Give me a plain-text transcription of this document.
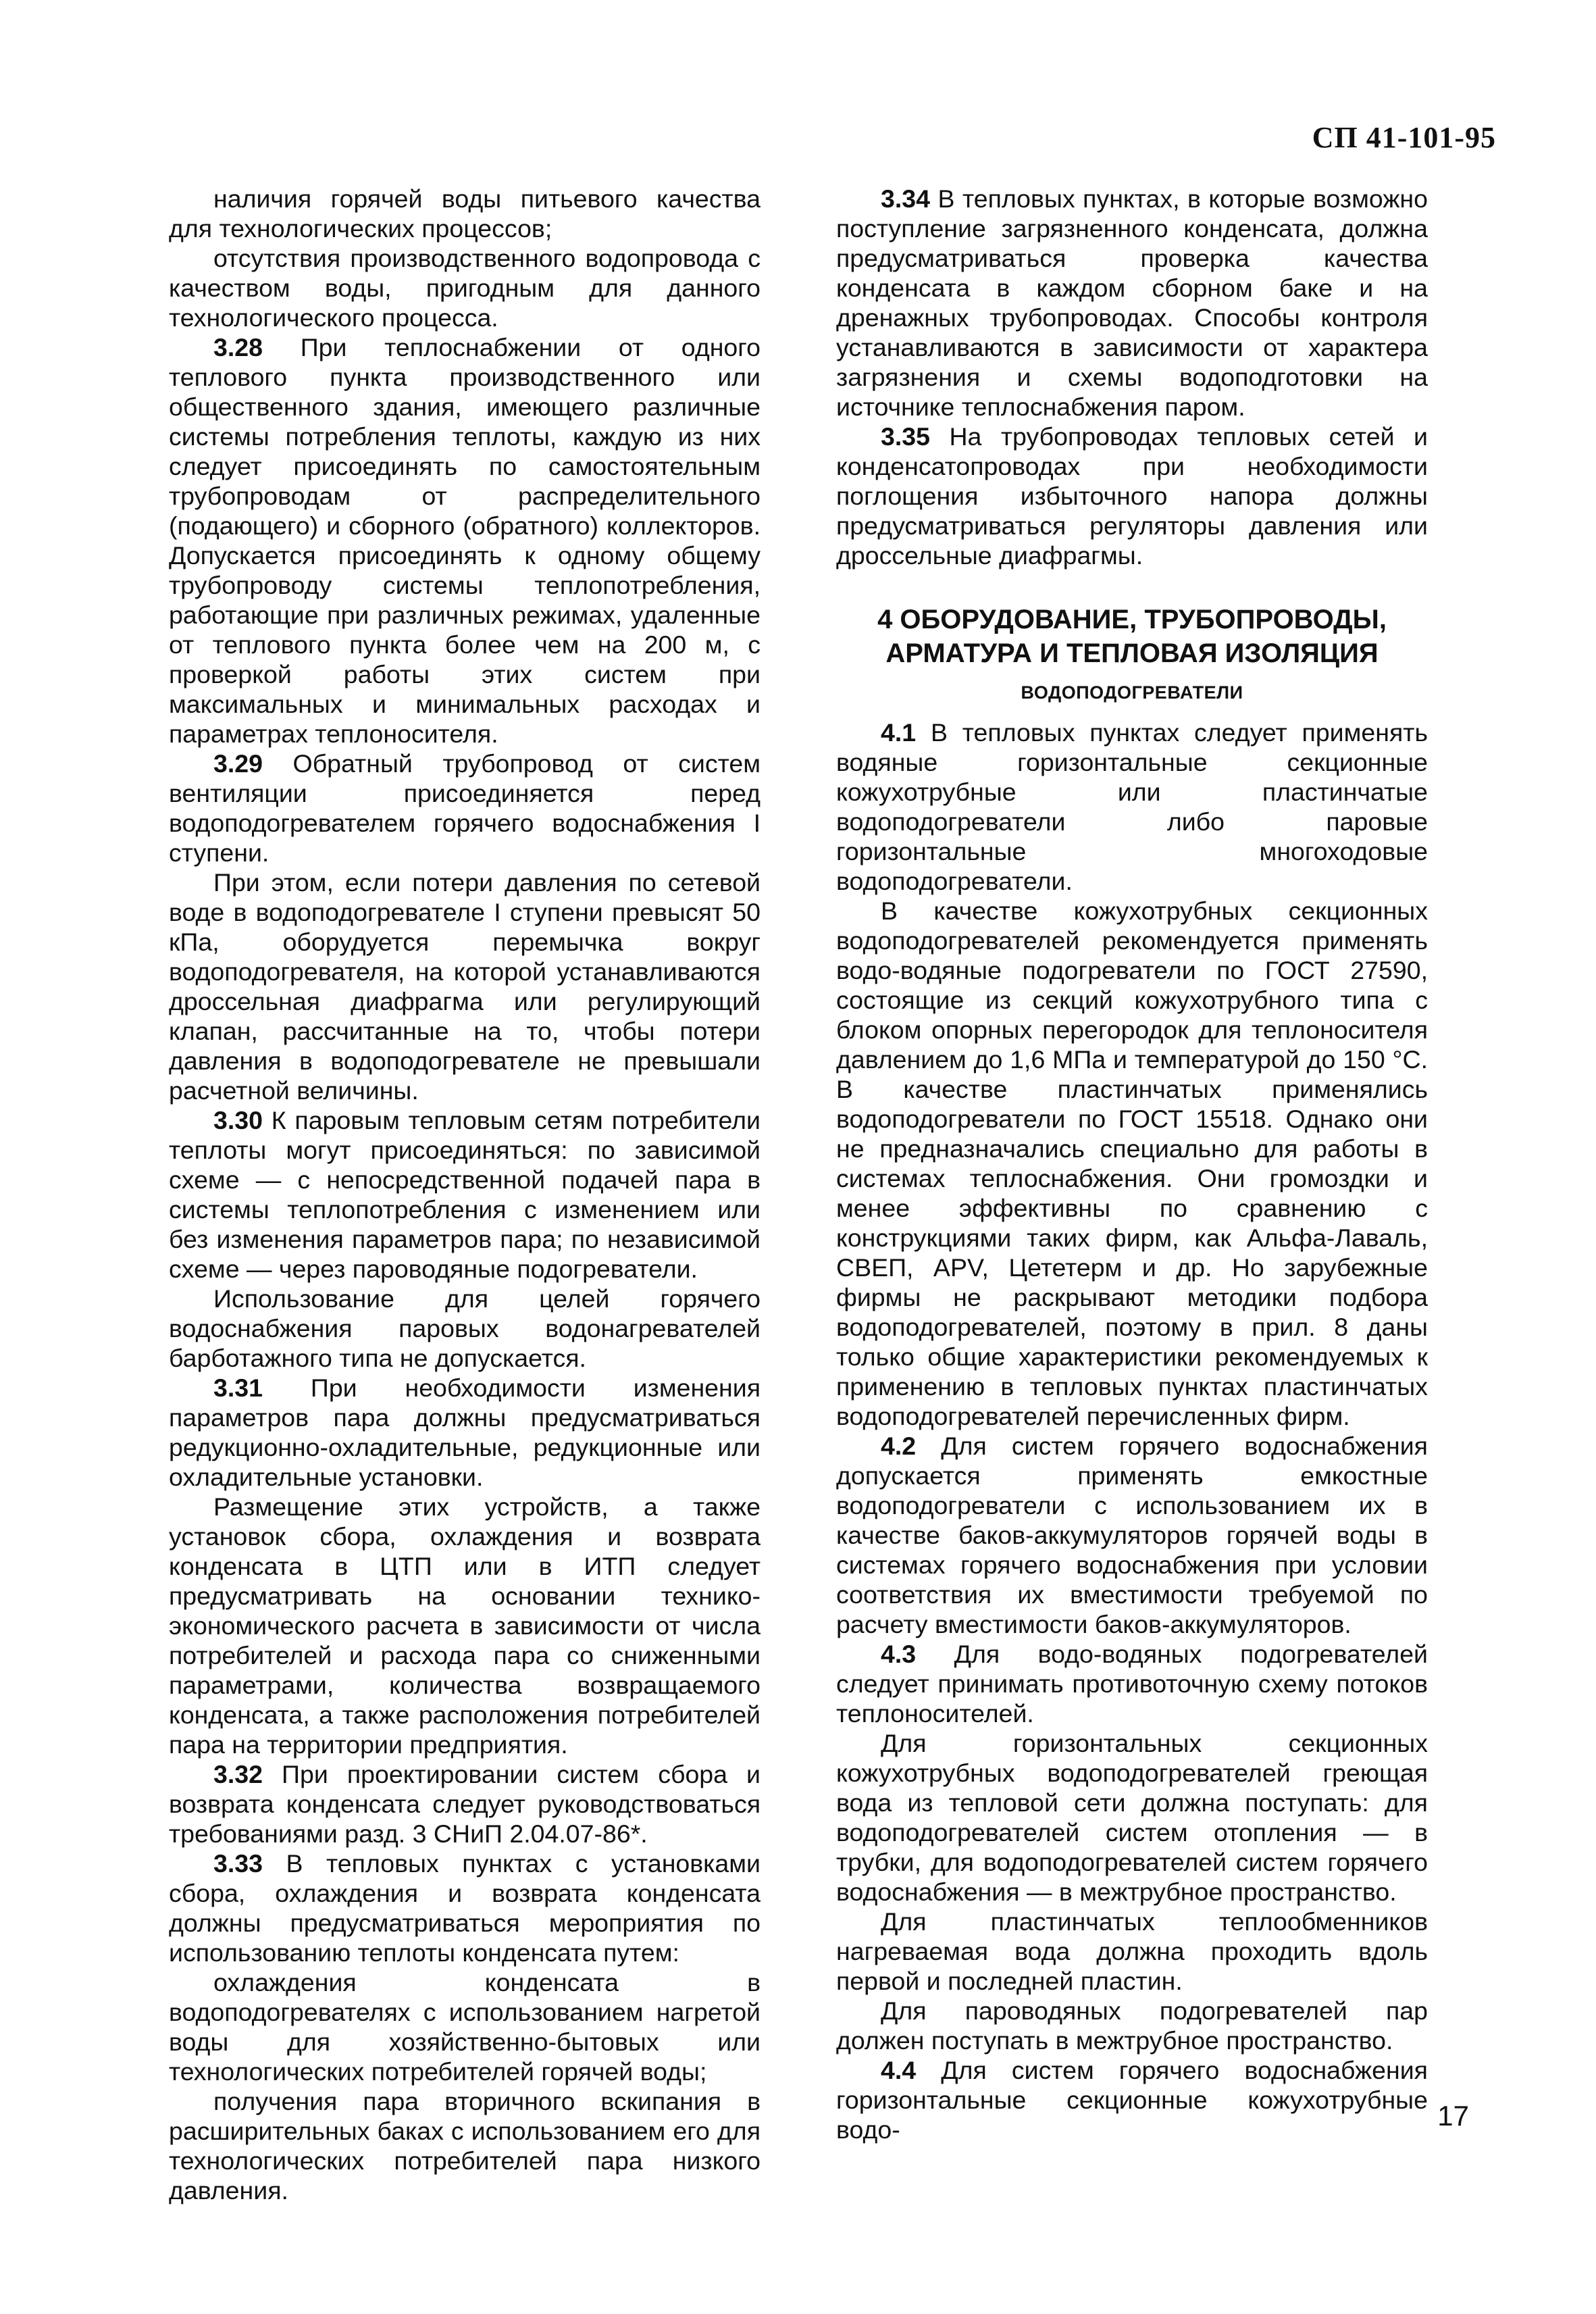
СП 41-101-95

наличия горячей воды питьевого качества для технологических процессов;

отсутствия производственного водопровода с качеством воды, пригодным для данного технологического процесса.

3.28 При теплоснабжении от одного теплового пункта производственного или общественного здания, имеющего различные системы потребления теплоты, каждую из них следует присоединять по самостоятельным трубопроводам от распределительного (подающего) и сборного (обратного) коллекторов. Допускается присоединять к одному общему трубопроводу системы теплопотребления, работающие при различных режимах, удаленные от теплового пункта более чем на 200 м, с проверкой работы этих систем при максимальных и минимальных расходах и параметрах теплоносителя.

3.29 Обратный трубопровод от систем вентиляции присоединяется перед водоподогревателем горячего водоснабжения I ступени.

При этом, если потери давления по сетевой воде в водоподогревателе I ступени превысят 50 кПа, оборудуется перемычка вокруг водоподогревателя, на которой устанавливаются дроссельная диафрагма или регулирующий клапан, рассчитанные на то, чтобы потери давления в водоподогревателе не превышали расчетной величины.

3.30 К паровым тепловым сетям потребители теплоты могут присоединяться: по зависимой схеме — с непосредственной подачей пара в системы теплопотребления с изменением или без изменения параметров пара; по независимой схеме — через пароводяные подогреватели.

Использование для целей горячего водоснабжения паровых водонагревателей барботажного типа не допускается.

3.31 При необходимости изменения параметров пара должны предусматриваться редукционно-охладительные, редукционные или охладительные установки.

Размещение этих устройств, а также установок сбора, охлаждения и возврата конденсата в ЦТП или в ИТП следует предусматривать на основании технико-экономического расчета в зависимости от числа потребителей и расхода пара со сниженными параметрами, количества возвращаемого конденсата, а также расположения потребителей пара на территории предприятия.

3.32 При проектировании систем сбора и возврата конденсата следует руководствоваться требованиями разд. 3 СНиП 2.04.07-86*.

3.33 В тепловых пунктах с установками сбора, охлаждения и возврата конденсата должны предусматриваться мероприятия по использованию теплоты конденсата путем:

охлаждения конденсата в водоподогревателях с использованием нагретой воды для хозяйственно-бытовых или технологических потребителей горячей воды;

получения пара вторичного вскипания в расширительных баках с использованием его для технологических потребителей пара низкого давления.

3.34 В тепловых пунктах, в которые возможно поступление загрязненного конденсата, должна предусматриваться проверка качества конденсата в каждом сборном баке и на дренажных трубопроводах. Способы контроля устанавливаются в зависимости от характера загрязнения и схемы водоподготовки на источнике теплоснабжения паром.

3.35 На трубопроводах тепловых сетей и конденсатопроводах при необходимости поглощения избыточного напора должны предусматриваться регуляторы давления или дроссельные диафрагмы.

4 ОБОРУДОВАНИЕ, ТРУБОПРОВОДЫ,
АРМАТУРА И ТЕПЛОВАЯ ИЗОЛЯЦИЯ
ВОДОПОДОГРЕВАТЕЛИ

4.1 В тепловых пунктах следует применять водяные горизонтальные секционные кожухотрубные или пластинчатые водоподогреватели либо паровые горизонтальные многоходовые водоподогреватели.

В качестве кожухотрубных секционных водоподогревателей рекомендуется применять водо-водяные подогреватели по ГОСТ 27590, состоящие из секций кожухотрубного типа с блоком опорных перегородок для теплоносителя давлением до 1,6 МПа и температурой до 150 °С. В качестве пластинчатых применялись водоподогреватели по ГОСТ 15518. Однако они не предназначались специально для работы в системах теплоснабжения. Они громоздки и менее эффективны по сравнению с конструкциями таких фирм, как Альфа-Лаваль, СВЕП, APV, Цететерм и др. Но зарубежные фирмы не раскрывают методики подбора водоподогревателей, поэтому в прил. 8 даны только общие характеристики рекомендуемых к применению в тепловых пунктах пластинчатых водоподогревателей перечисленных фирм.

4.2 Для систем горячего водоснабжения допускается применять емкостные водоподогреватели с использованием их в качестве баков-аккумуляторов горячей воды в системах горячего водоснабжения при условии соответствия их вместимости требуемой по расчету вместимости баков-аккумуляторов.

4.3 Для водо-водяных подогревателей следует принимать противоточную схему потоков теплоносителей.

Для горизонтальных секционных кожухотрубных водоподогревателей греющая вода из тепловой сети должна поступать: для водоподогревателей систем отопления — в трубки, для водоподогревателей систем горячего водоснабжения — в межтрубное пространство.

Для пластинчатых теплообменников нагреваемая вода должна проходить вдоль первой и последней пластин.

Для пароводяных подогревателей пар должен поступать в межтрубное пространство.

4.4 Для систем горячего водоснабжения горизонтальные секционные кожухотрубные водо-	17
